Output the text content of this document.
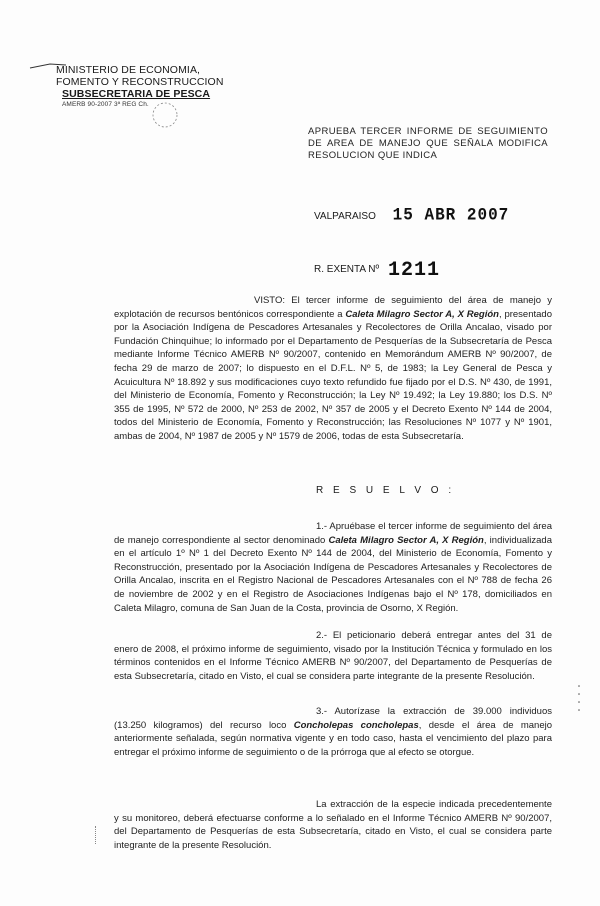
MINISTERIO DE ECONOMIA,
FOMENTO Y RECONSTRUCCION
SUBSECRETARIA DE PESCA
AMERB 90-2007 3ª REG Ch.
APRUEBA TERCER INFORME DE SEGUIMIENTO DE AREA DE MANEJO QUE SEÑALA MODIFICA RESOLUCION QUE INDICA
VALPARAISO 15 ABR 2007
R. EXENTA Nº 1211
VISTO: El tercer informe de seguimiento del área de manejo y explotación de recursos bentónicos correspondiente a Caleta Milagro Sector A, X Región, presentado por la Asociación Indígena de Pescadores Artesanales y Recolectores de Orilla Ancalao, visado por Fundación Chinquihue; lo informado por el Departamento de Pesquerías de la Subsecretaría de Pesca mediante Informe Técnico AMERB Nº 90/2007, contenido en Memorándum AMERB Nº 90/2007, de fecha 29 de marzo de 2007; lo dispuesto en el D.F.L. Nº 5, de 1983; la Ley General de Pesca y Acuicultura Nº 18.892 y sus modificaciones cuyo texto refundido fue fijado por el D.S. Nº 430, de 1991, del Ministerio de Economía, Fomento y Reconstrucción; la Ley Nº 19.492; la Ley 19.880; los D.S. Nº 355 de 1995, Nº 572 de 2000, Nº 253 de 2002, Nº 357 de 2005 y el Decreto Exento Nº 144 de 2004, todos del Ministerio de Economía, Fomento y Reconstrucción; las Resoluciones Nº 1077 y Nº 1901, ambas de 2004, Nº 1987 de 2005 y Nº 1579 de 2006, todas de esta Subsecretaría.
R E S U E L V O :
1.- Apruébase el tercer informe de seguimiento del área de manejo correspondiente al sector denominado Caleta Milagro Sector A, X Región, individualizada en el artículo 1º Nº 1 del Decreto Exento Nº 144 de 2004, del Ministerio de Economía, Fomento y Reconstrucción, presentado por la Asociación Indígena de Pescadores Artesanales y Recolectores de Orilla Ancalao, inscrita en el Registro Nacional de Pescadores Artesanales con el Nº 788 de fecha 26 de noviembre de 2002 y en el Registro de Asociaciones Indígenas bajo el Nº 178, domiciliados en Caleta Milagro, comuna de San Juan de la Costa, provincia de Osorno, X Región.
2.- El peticionario deberá entregar antes del 31 de enero de 2008, el próximo informe de seguimiento, visado por la Institución Técnica y formulado en los términos contenidos en el Informe Técnico AMERB Nº 90/2007, del Departamento de Pesquerías de esta Subsecretaría, citado en Visto, el cual se considera parte integrante de la presente Resolución.
3.- Autorízase la extracción de 39.000 individuos (13.250 kilogramos) del recurso loco Concholepas concholepas, desde el área de manejo anteriormente señalada, según normativa vigente y en todo caso, hasta el vencimiento del plazo para entregar el próximo informe de seguimiento o de la prórroga que al efecto se otorgue.
La extracción de la especie indicada precedentemente y su monitoreo, deberá efectuarse conforme a lo señalado en el Informe Técnico AMERB Nº 90/2007, del Departamento de Pesquerías de esta Subsecretaría, citado en Visto, el cual se considera parte integrante de la presente Resolución.
